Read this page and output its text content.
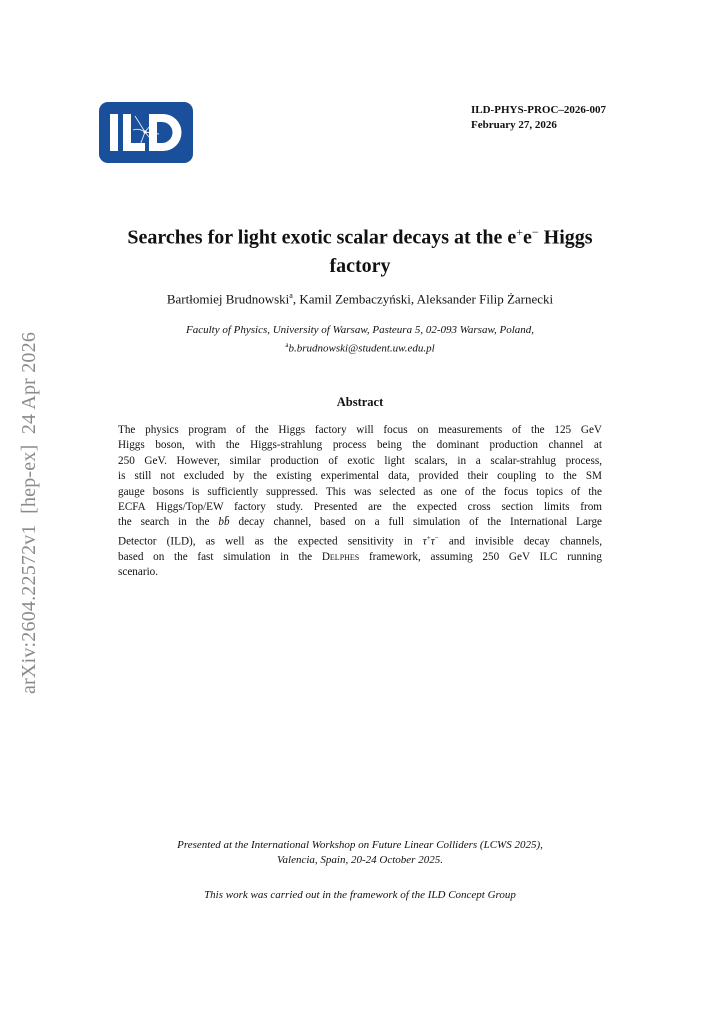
ILD-PHYS-PROC–2026-007
February 27, 2026
arXiv:2604.22572v1  [hep-ex]  24 Apr 2026
Searches for light exotic scalar decays at the e+e− Higgs
factory
Bartłomiej Brudnowski$^a$, Kamil Zembaczyński, Aleksander Filip Żarnecki
Faculty of Physics, University of Warsaw, Pasteura 5, 02-093 Warsaw, Poland,
$^a$b.brudnowski@student.uw.edu.pl
Abstract
The physics program of the Higgs factory will focus on measurements of the 125 GeV
Higgs boson, with the Higgs-strahlung process being the dominant production channel at
250 GeV. However, similar production of exotic light scalars, in a scalar-strahlug process,
is still not excluded by the existing experimental data, provided their coupling to the SM
gauge bosons is sufficiently suppressed. This was selected as one of the focus topics of the
ECFA Higgs/Top/EW factory study. Presented are the expected cross section limits from
the search in the bb̄ decay channel, based on a full simulation of the International Large
Detector (ILD), as well as the expected sensitivity in τ+τ− and invisible decay channels,
based on the fast simulation in the Delphes framework, assuming 250 GeV ILC running
scenario.
Presented at the International Workshop on Future Linear Colliders (LCWS 2025),
Valencia, Spain, 20-24 October 2025.
This work was carried out in the framework of the ILD Concept Group
